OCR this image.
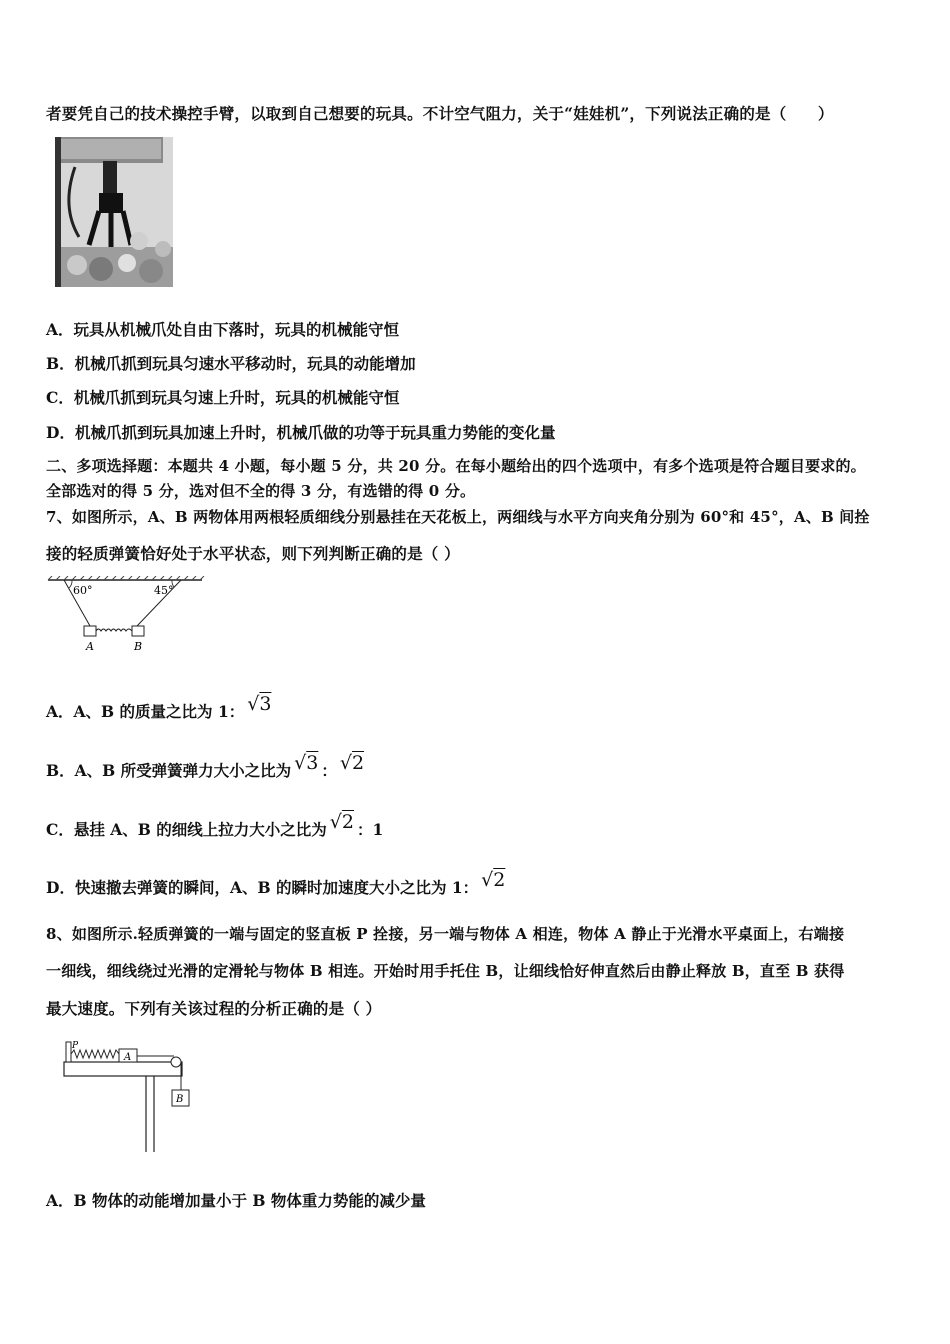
者要凭自己的技术操控手臂，以取到自己想要的玩具。不计空气阻力，关于“娃娃机”，下列说法正确的是（　　）
A．玩具从机械爪处自由下落时，玩具的机械能守恒
B．机械爪抓到玩具匀速水平移动时，玩具的动能增加
C．机械爪抓到玩具匀速上升时，玩具的机械能守恒
D．机械爪抓到玩具加速上升时，机械爪做的功等于玩具重力势能的变化量
二、多项选择题：本题共 4 小题，每小题 5 分，共 20 分。在每小题给出的四个选项中，有多个选项是符合题目要求的。
全部选对的得 5 分，选对但不全的得 3 分，有选错的得 0 分。
7、如图所示，A、B 两物体用两根轻质细线分别悬挂在天花板上，两细线与水平方向夹角分别为 60°和 45°，A、B 间拴
接的轻质弹簧恰好处于水平状态，则下列判断正确的是（ ）
60°	45°
A	B
A．A、B 的质量之比为 1： √3
B．A、B 所受弹簧弹力大小之比为 √3 ： √2
C．悬挂 A、B 的细线上拉力大小之比为 √2 ：1
D．快速撤去弹簧的瞬间，A、B 的瞬时加速度大小之比为 1： √2
8、如图所示.轻质弹簧的一端与固定的竖直板 P 拴接，另一端与物体 A 相连，物体 A 静止于光滑水平桌面上，右端接
一细线，细线绕过光滑的定滑轮与物体 B 相连。开始时用手托住 B，让细线恰好伸直然后由静止释放 B，直至 B 获得
最大速度。下列有关该过程的分析正确的是（ ）
P
A
B
A．B 物体的动能增加量小于 B 物体重力势能的减少量
